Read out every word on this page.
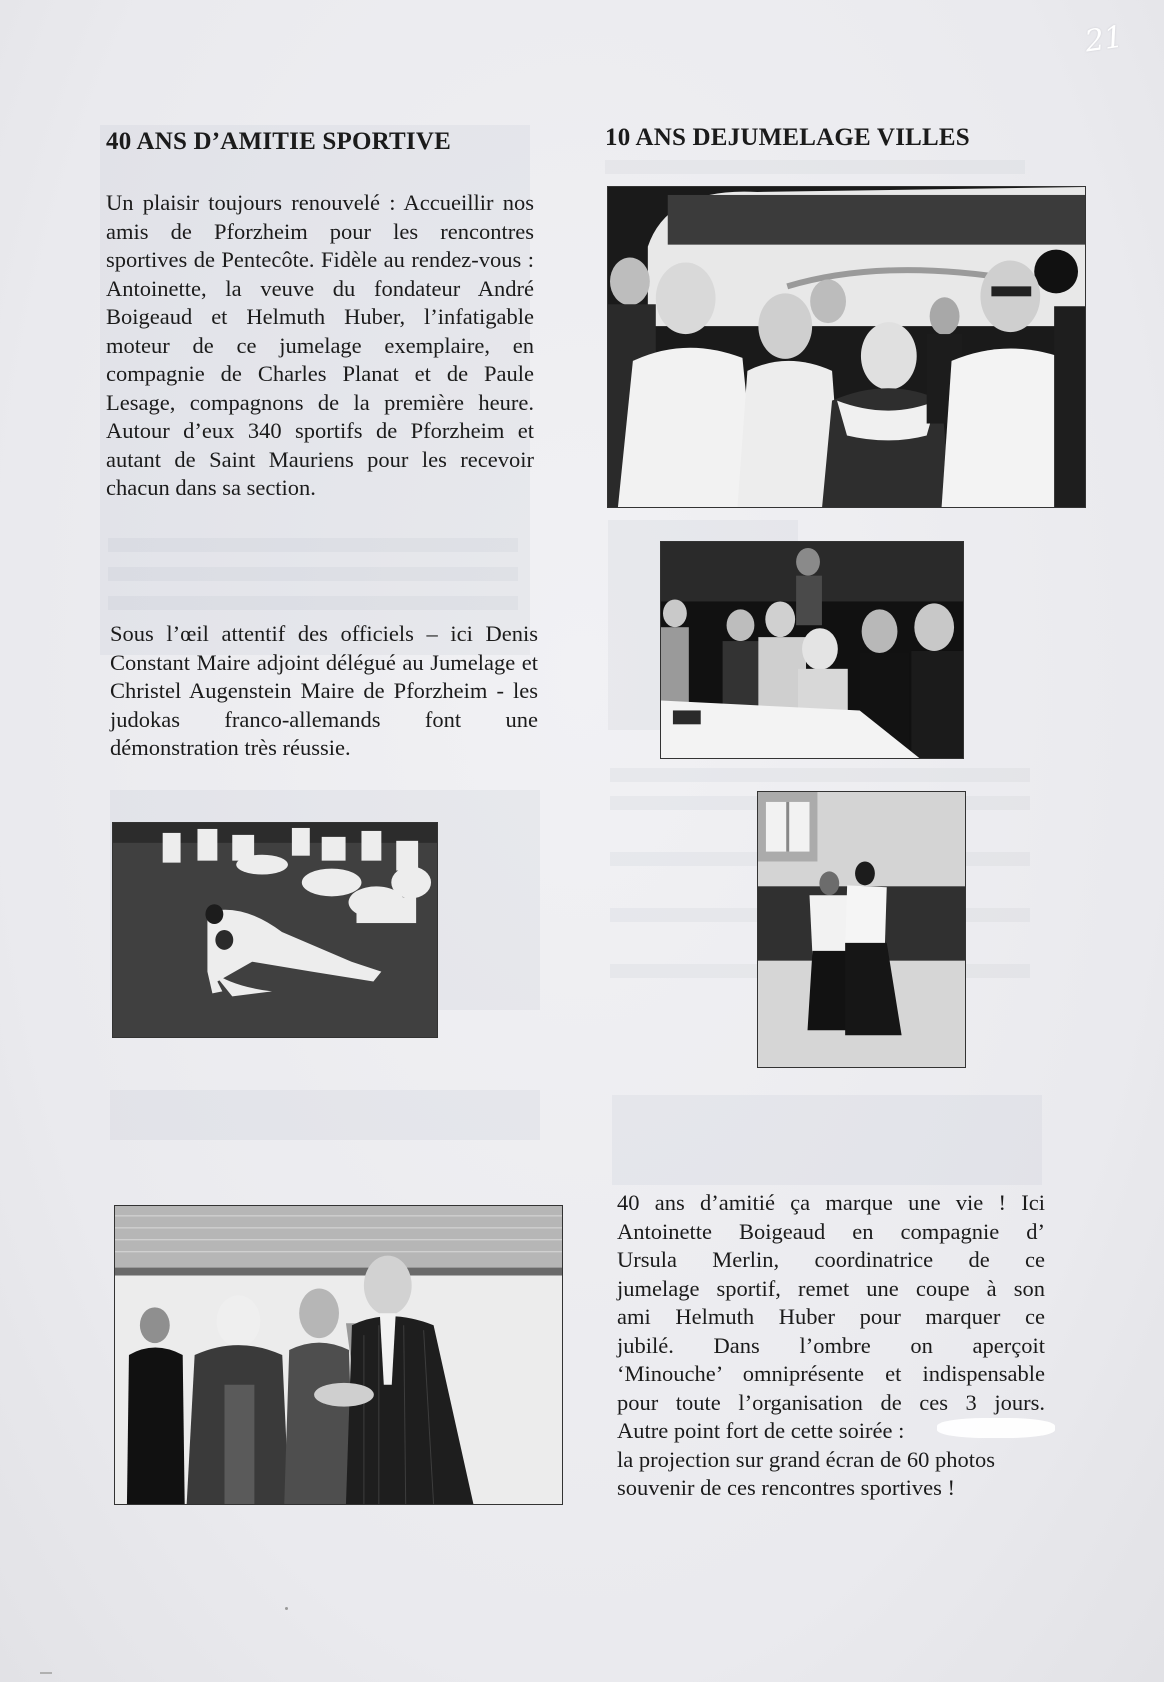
21
40 ANS D’AMITIE SPORTIVE

Un plaisir toujours renouvelé : Accueillir nos amis de Pforzheim pour les rencontres sportives de Pentecôte. Fidèle au rendez-vous : Antoinette, la veuve du fondateur André Boigeaud et Helmuth Huber, l’infatigable moteur de ce jumelage exemplaire, en compagnie de Charles Planat et de Paule Lesage, compagnons de la première heure. Autour d’eux 340 sportifs de Pforzheim et autant de Saint Mauriens pour les recevoir chacun dans sa section.

Sous l’œil attentif des officiels – ici Denis Constant Maire adjoint délégué au Jumelage et Christel Augenstein Maire de Pforzheim - les judokas franco-allemands font une démonstration très réussie.

10 ANS DEJUMELAGE VILLES
40 ans d’amitié ça marque une vie ! Ici
Antoinette Boigeaud en compagnie d’
Ursula Merlin, coordinatrice de ce
jumelage sportif, remet une coupe à son
ami Helmuth Huber pour marquer ce
jubilé. Dans l’ombre on aperçoit
‘Minouche’ omniprésente et indispensable
pour toute l’organisation de ces 3 jours.
Autre point fort de cette soirée :
la projection sur grand écran de 60 photos
souvenir de ces rencontres sportives !
